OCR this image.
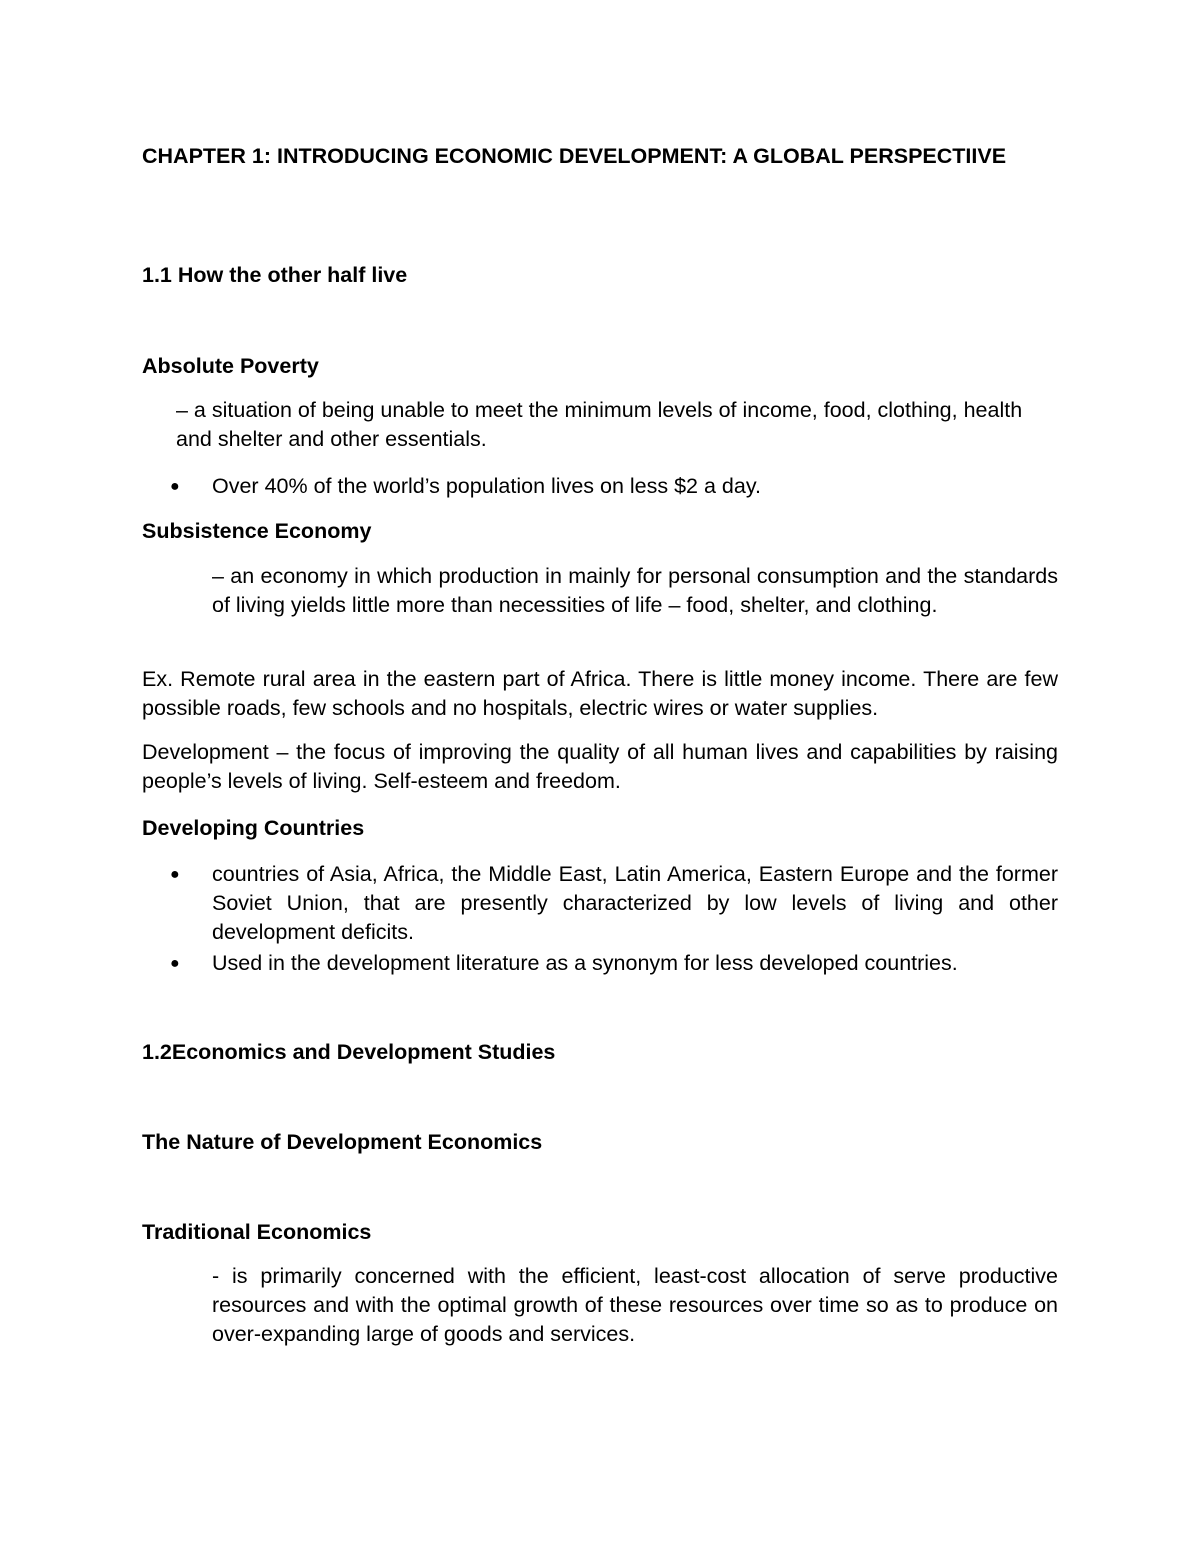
CHAPTER 1: INTRODUCING ECONOMIC DEVELOPMENT: A GLOBAL PERSPECTIIVE
1.1 How the other half live
Absolute Poverty
– a situation of being unable to meet the minimum levels of income, food, clothing, health and shelter and other essentials.
●	Over 40% of the world’s population lives on less $2 a day.
Subsistence Economy
– an economy in which production in mainly for personal consumption and the standards of living yields little more than necessities of life – food, shelter, and clothing.
Ex. Remote rural area in the eastern part of Africa. There is little money income. There are few possible roads, few schools and no hospitals, electric wires or water supplies.
Development – the focus of improving the quality of all human lives and capabilities by raising people’s levels of living. Self-esteem and freedom.
Developing Countries
●	countries of Asia, Africa, the Middle East, Latin America, Eastern Europe and the former Soviet Union, that are presently characterized by low levels of living and other development deficits.
●	Used in the development literature as a synonym for less developed countries.
1.2Economics and Development Studies
The Nature of Development Economics
Traditional Economics
- is primarily concerned with the efficient, least-cost allocation of serve productive resources and with the optimal growth of these resources over time so as to produce on over-expanding large of goods and services.
